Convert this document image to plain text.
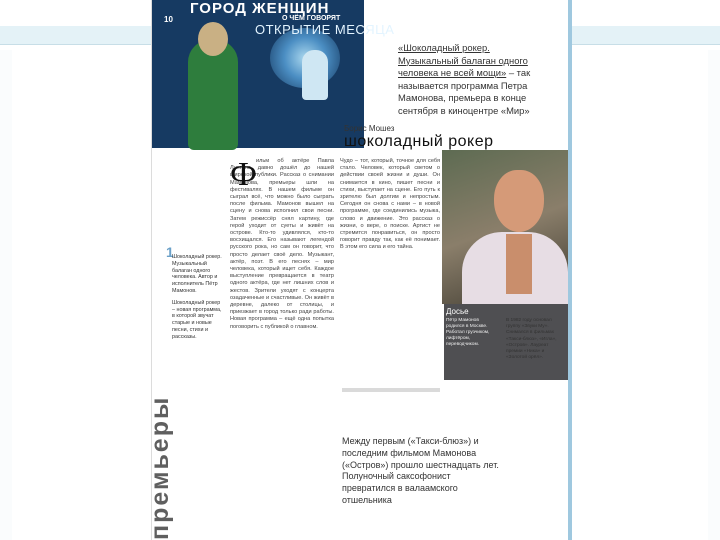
10
ГОРОД ЖЕНЩИН
О ЧЁМ ГОВОРЯТ
ОТКРЫТИЕ МЕСЯЦА
«Шоколадный рокер.
Музыкальный балаган одного
человека не всей мощи» – так называется программа Петра Мамонова, премьера в конце сентября в киноцентре «Мир»
Борис Мошез
шоколадный рокер
1

Шоколадный рокер. Музыкальный балаган одного человека. Автор и исполнитель Пётр Мамонов.

Шоколадный рокер – новая программа, в которой звучат старые и новые песни, стихи и рассказы.

премьеры
ильм об актёре Павла Лунгина давно дошёл до нашей широкой публики. Рассказ о снимании Мамонова, премьеры шли на фестивалях. В нашем фильме он сыграл всё, что можно было сыграть после фильма. Мамонов вышел на сцену и снова исполнил свои песни. Затем режиссёр снял картину, где герой уходит от суеты и живёт на острове. Кто-то удивлялся, кто-то восхищался. Его называют легендой русского рока, но сам он говорит, что просто делает своё дело. Музыкант, актёр, поэт. В его песнях – мир человека, который ищет себя. Каждое выступление превращается в театр одного актёра, где нет лишних слов и жестов. Зрители уходят с концерта озадаченные и счастливые. Он живёт в деревне, далеко от столицы, и приезжает в город только ради работы. Новая программа – ещё одна попытка поговорить с публикой о главном.
Ф	Чудо – тот, который, точное для себя стало. Человек, который светом о действии своей жизни и души. Он снимается в кино, пишет песни и стихи, выступает на сцене. Его путь к зрителю был долгим и непростым. Сегодня он снова с нами – в новой программе, где соединились музыка, слово и движение. Это рассказ о жизни, о вере, о поиске. Артист не стремится понравиться, он просто говорит правду так, как её понимает. В этом его сила и его тайна.
Досье
Пётр Мамонов родился в Москве. Работал грузчиком, лифтёром, переводчиком.
В 1982 году основал группу «Звуки Му». Снимался в фильмах «Такси-блюз», «Игла», «Остров». Лауреат премии «Ника» и «Золотой орёл».
Между первым («Такси-блюз») и последним фильмом Мамонова («Остров») прошло шестнадцать лет. Полуночный саксофонист превратился в валаамского отшельника
